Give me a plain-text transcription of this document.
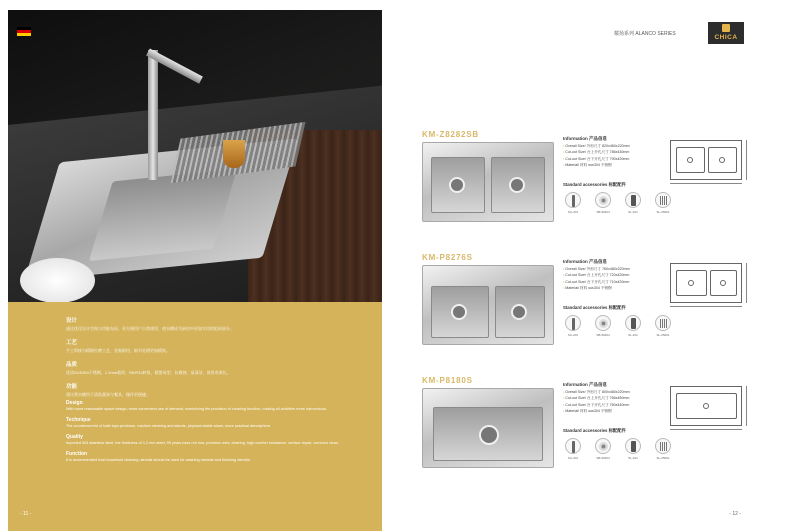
设计
通过优化设计空间与功能布局，更方便用户日常使用，使水槽成为厨房中更加实用的组成部分。
工艺
手工焊接与精细打磨工艺，美观耐用，细节处理更加精致。
品质
优质SUS304不锈钢，1.2mm板厚，R0/R10转角，精密成型，抗腐蚀，易清洁，使用寿命长。
功能
建议将水槽用于清洗蔬果与餐具，操作更便捷。
Design
With more reasonable space design, more convenient use of demand, maximizing the provision of cleaning function, making all activities more harmonious.
Technique
The countercurrent of bath tops provision, medium cleaning and stands, physical stable stone, more practical atmosphere.
Quality
Imported 304 stainless steel, the thickness of 1.2 mm steel, 90 years rises not rust, precision sets, clearing, high comfort resistance, surface repair, common clean.
Function
It is recommended that household cleaning utensils should be used for washing utensils and finishing utensils.
- 11 -
耀扬系列 ALANCO SERIES	CHICA
KM-Z8282SB	Information 产品信息
• Overall Size/ 外形尺寸 820x460x220mm
• Cut-out Size/ 台上开孔尺寸 786x430mm
• Cut-out Size/ 台下开孔尺寸 790x420mm
• Material/ 材料 sus304 不锈钢
Standard accessories 标配配件
SC-201	SB-50404	SL-101	SL-25001
KM-P8276S	Information 产品信息
• Overall Size/ 外形尺寸 760x480x220mm
• Cut-out Size/ 台上开孔尺寸 720x420mm
• Cut-out Size/ 台下开孔尺寸 710x420mm
• Material/ 材料 sus304 不锈钢
Standard accessories 标配配件
SC-201	SB-50404	SL-101	SL-25001
KM-P8180S	Information 产品信息
• Overall Size/ 外形尺寸 800x480x220mm
• Cut-out Size/ 台上开孔尺寸 766x450mm
• Cut-out Size/ 台下开孔尺寸 760x440mm
• Material/ 材料 sus304 不锈钢
Standard accessories 标配配件
SC-201	SB-50404	SL-101	SL-25001
- 12 -
